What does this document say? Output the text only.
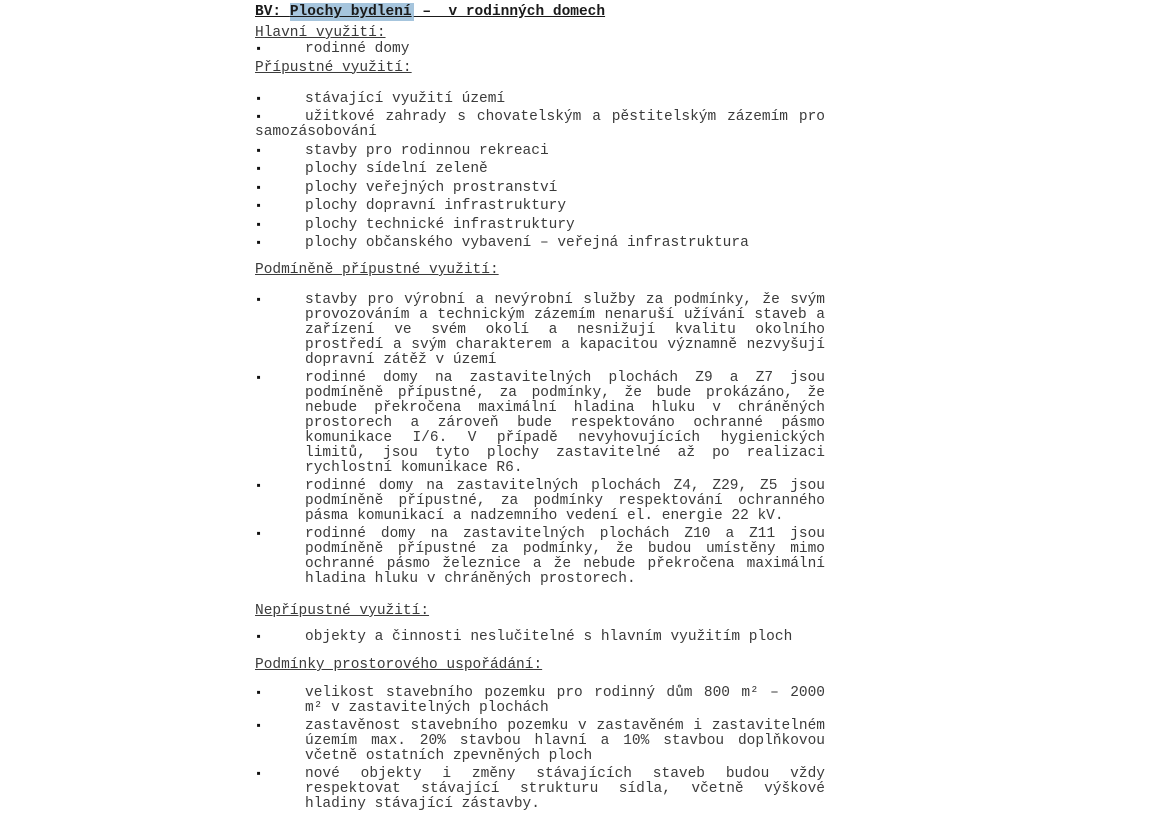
BV: Plochy bydlení –  v rodinných domech
Hlavní využití:
▪	rodinné domy
Přípustné využití:
▪	stávající využití území
▪	užitkové zahrady s chovatelským a pěstitelským zázemím pro samozásobování
▪	stavby pro rodinnou rekreaci
▪	plochy sídelní zeleně
▪	plochy veřejných prostranství
▪	plochy dopravní infrastruktury
▪	plochy technické infrastruktury
▪	plochy občanského vybavení – veřejná infrastruktura
Podmíněně přípustné využití:
▪	stavby pro výrobní a nevýrobní služby za podmínky, že svým provozováním a technickým zázemím nenaruší užívání staveb a zařízení ve svém okolí a nesnižují kvalitu okolního prostředí a svým charakterem a kapacitou významně nezvyšují dopravní zátěž v území
▪	rodinné domy na zastavitelných plochách Z9 a Z7 jsou podmíněně přípustné, za podmínky, že bude prokázáno, že nebude překročena maximální hladina hluku v chráněných prostorech a zároveň bude respektováno ochranné pásmo komunikace I/6. V případě nevyhovujících hygienických limitů, jsou tyto plochy zastavitelné až po realizaci rychlostní komunikace R6.
▪	rodinné domy na zastavitelných plochách Z4, Z29, Z5 jsou podmíněně přípustné, za podmínky respektování ochranného pásma komunikací a nadzemního vedení el. energie 22 kV.
▪	rodinné domy na zastavitelných plochách Z10 a Z11 jsou podmíněně přípustné za podmínky, že budou umístěny mimo ochranné pásmo železnice a že nebude překročena maximální hladina hluku v chráněných prostorech.
Nepřípustné využití:
▪	objekty a činnosti neslučitelné s hlavním využitím ploch
Podmínky prostorového uspořádání:
▪	velikost stavebního pozemku pro rodinný dům 800 m² – 2000 m² v zastavitelných plochách
▪	zastavěnost stavebního pozemku v zastavěném i zastavitelném územím max. 20% stavbou hlavní a 10% stavbou doplňkovou včetně ostatních zpevněných ploch
▪	nové objekty i změny stávajících staveb budou vždy respektovat stávající strukturu sídla, včetně výškové hladiny stávající zástavby.
